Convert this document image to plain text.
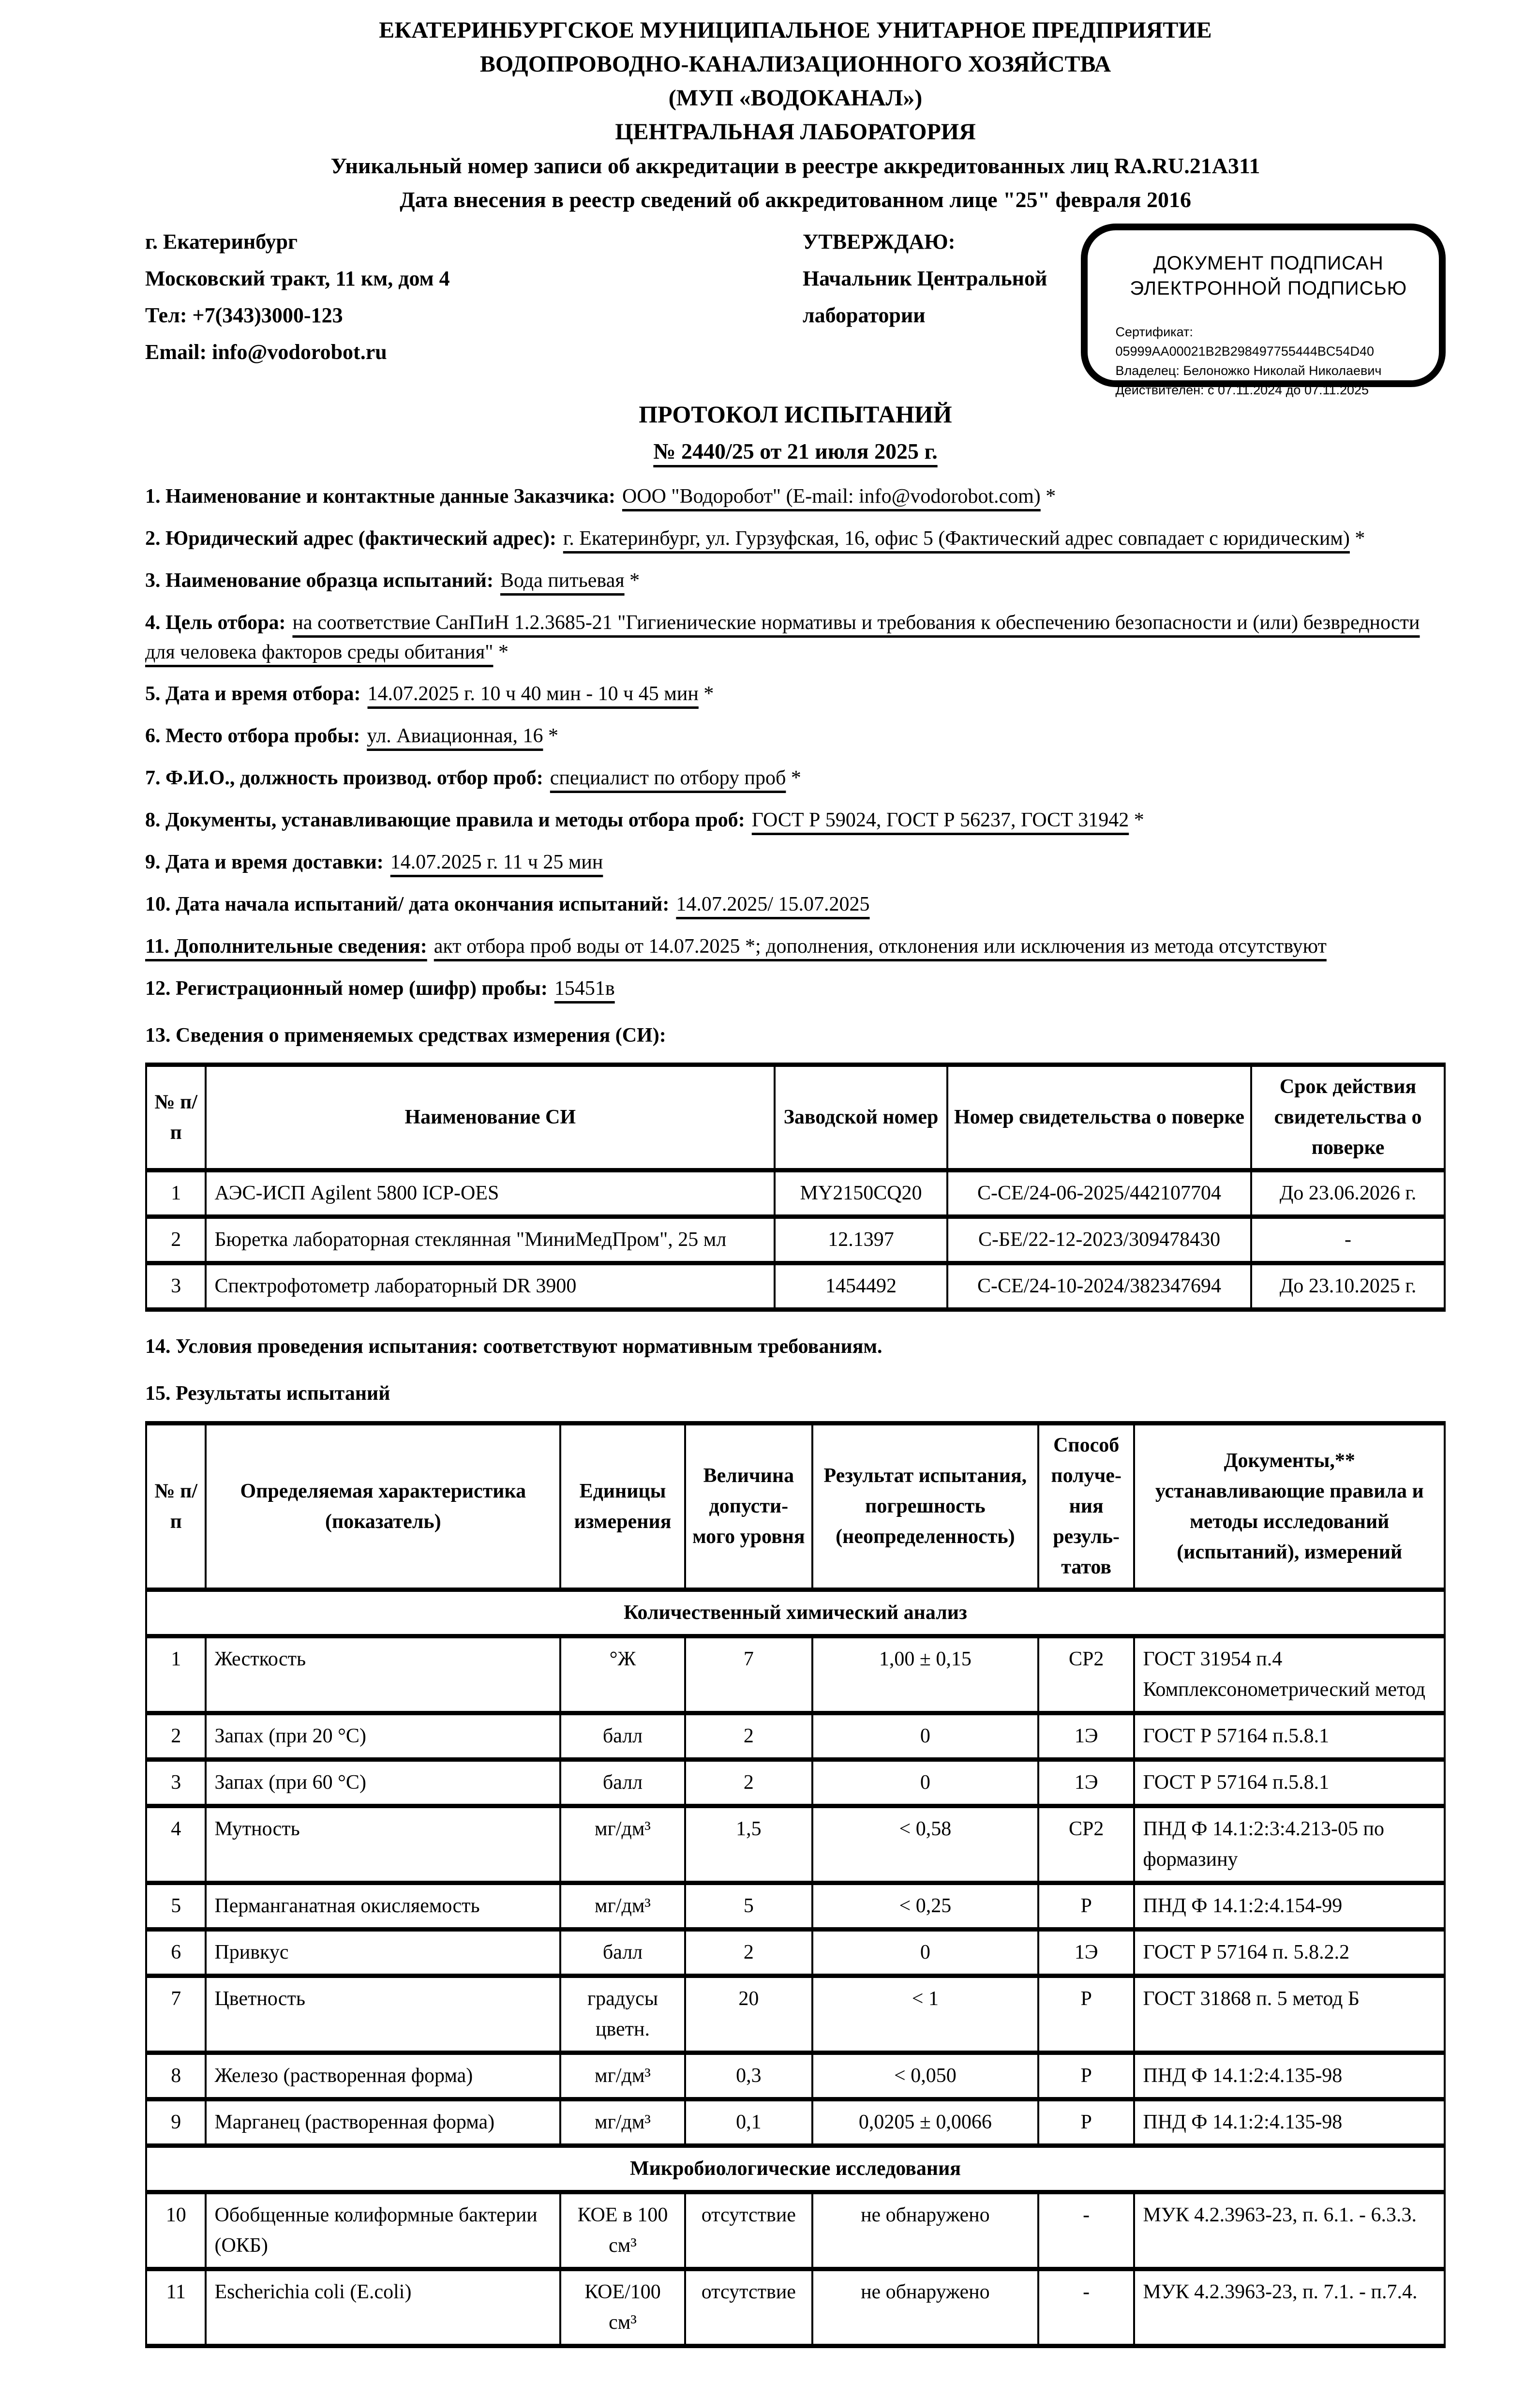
ЕКАТЕРИНБУРГСКОЕ МУНИЦИПАЛЬНОЕ УНИТАРНОЕ ПРЕДПРИЯТИЕ
ВОДОПРОВОДНО-КАНАЛИЗАЦИОННОГО ХОЗЯЙСТВА
(МУП «ВОДОКАНАЛ»)
ЦЕНТРАЛЬНАЯ ЛАБОРАТОРИЯ
Уникальный номер записи об аккредитации в реестре аккредитованных лиц RA.RU.21А311
Дата внесения в реестр сведений об аккредитованном лице "25" февраля 2016
г. Екатеринбург
Московский тракт, 11 км, дом 4
Тел: +7(343)3000-123
Email: info@vodorobot.ru
УТВЕРЖДАЮ:
Начальник Центральной
лаборатории
ДОКУМЕНТ ПОДПИСАН
ЭЛЕКТРОННОЙ ПОДПИСЬЮ
Сертификат: 05999AA00021B2B298497755444BC54D40
Владелец: Белоножко Николай Николаевич
Действителен: с 07.11.2024 до 07.11.2025
ПРОТОКОЛ ИСПЫТАНИЙ
№ 2440/25 от 21 июля 2025 г.

1. Наименование и контактные данные Заказчика: ООО "Водоробот" (E-mail: info@vodorobot.com) *

2. Юридический адрес (фактический адрес): г. Екатеринбург, ул. Гурзуфская, 16, офис 5 (Фактический адрес совпадает с юридическим) *

3. Наименование образца испытаний: Вода питьевая *

4. Цель отбора: на соответствие СанПиН 1.2.3685-21 "Гигиенические нормативы и требования к обеспечению безопасности и (или) безвредности для человека факторов среды обитания" *

5. Дата и время отбора: 14.07.2025 г. 10 ч 40 мин - 10 ч 45 мин *

6. Место отбора пробы: ул. Авиационная, 16 *

7. Ф.И.О., должность производ. отбор проб: специалист по отбору проб *

8. Документы, устанавливающие правила и методы отбора проб: ГОСТ Р 59024, ГОСТ Р 56237, ГОСТ 31942 *

9. Дата и время доставки: 14.07.2025 г. 11 ч 25 мин

10. Дата начала испытаний/ дата окончания испытаний: 14.07.2025/ 15.07.2025

11. Дополнительные сведения: акт отбора проб воды от 14.07.2025 *; дополнения, отклонения или исключения из метода отсутствуют

12. Регистрационный номер (шифр) пробы: 15451в

13. Сведения о применяемых средствах измерения (СИ):

№ п/п	Наименование СИ	Заводской номер	Номер свидетельства о поверке	Срок действия свидетельства о поверке
1	АЭС-ИСП Agilent 5800 ICP-OES	MY2150CQ20	С-СЕ/24-06-2025/442107704	До 23.06.2026 г.
2	Бюретка лабораторная стеклянная "МиниМедПром", 25 мл	12.1397	С-БЕ/22-12-2023/309478430	-
3	Спектрофотометр лабораторный DR 3900	1454492	С-СЕ/24-10-2024/382347694	До 23.10.2025 г.

14. Условия проведения испытания: соответствуют нормативным требованиям.

15. Результаты испытаний

№ п/п	Определяемая характеристика (показатель)	Единицы измерения	Величина допусти-мого уровня	Результат испытания, погрешность (неопределенность)	Способ получе-ния резуль-татов	Документы,** устанавливающие правила и методы исследований (испытаний), измерений
Количественный химический анализ						
1	Жесткость	°Ж	7	1,00 ± 0,15	СР2	ГОСТ 31954 п.4 Комплексонометрический метод
2	Запах (при 20 °С)	балл	2	0	1Э	ГОСТ Р 57164 п.5.8.1
3	Запах (при 60 °С)	балл	2	0	1Э	ГОСТ Р 57164 п.5.8.1
4	Мутность	мг/дм³	1,5	< 0,58	СР2	ПНД Ф 14.1:2:3:4.213-05 по формазину
5	Перманганатная окисляемость	мг/дм³	5	< 0,25	Р	ПНД Ф 14.1:2:4.154-99
6	Привкус	балл	2	0	1Э	ГОСТ Р 57164 п. 5.8.2.2
7	Цветность	градусы цветн.	20	< 1	Р	ГОСТ 31868 п. 5 метод Б
8	Железо (растворенная форма)	мг/дм³	0,3	< 0,050	Р	ПНД Ф 14.1:2:4.135-98
9	Марганец (растворенная форма)	мг/дм³	0,1	0,0205 ± 0,0066	Р	ПНД Ф 14.1:2:4.135-98
Микробиологические исследования						
10	Обобщенные колиформные бактерии (ОКБ)	КОЕ в 100 см³	отсутствие	не обнаружено	-	МУК 4.2.3963-23, п. 6.1. - 6.3.3.
11	Escherichia coli (E.coli)	КОЕ/100 см³	отсутствие	не обнаружено	-	МУК 4.2.3963-23, п. 7.1. - п.7.4.
